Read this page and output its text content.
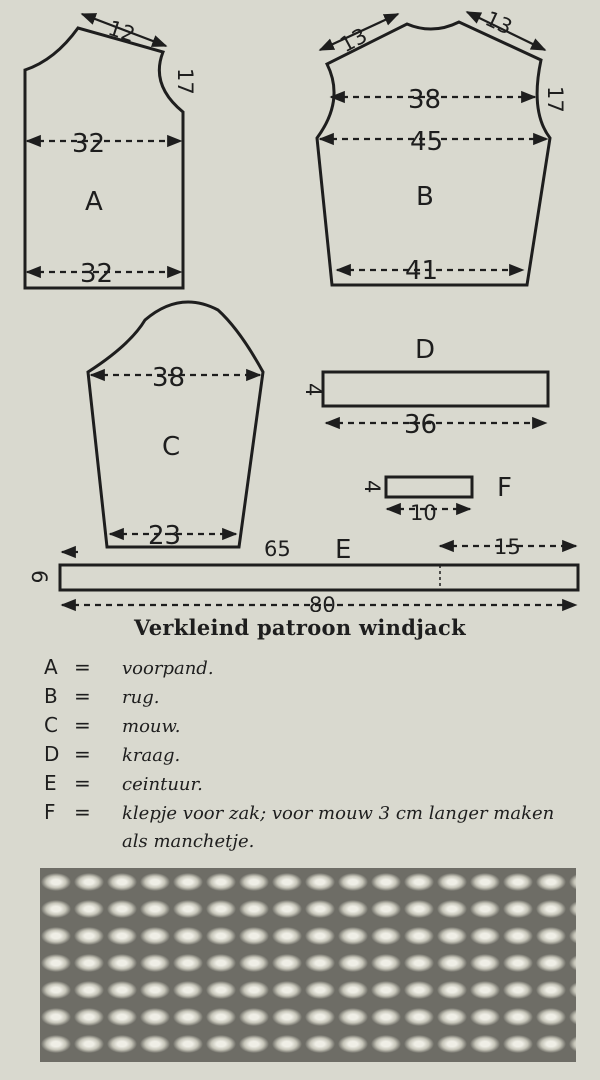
12
17
32
A
32
13
13
17
38
45
B
41
38
C
23
D
4
36
4	F
10
65 E	15
6
80
Verkleind patroon windjack
A =	voorpand.
B =	rug.
C =	mouw.
D =	kraag.
E =	ceintuur.
F =	klepje voor zak; voor mouw 3 cm langer maken als manchetje.
